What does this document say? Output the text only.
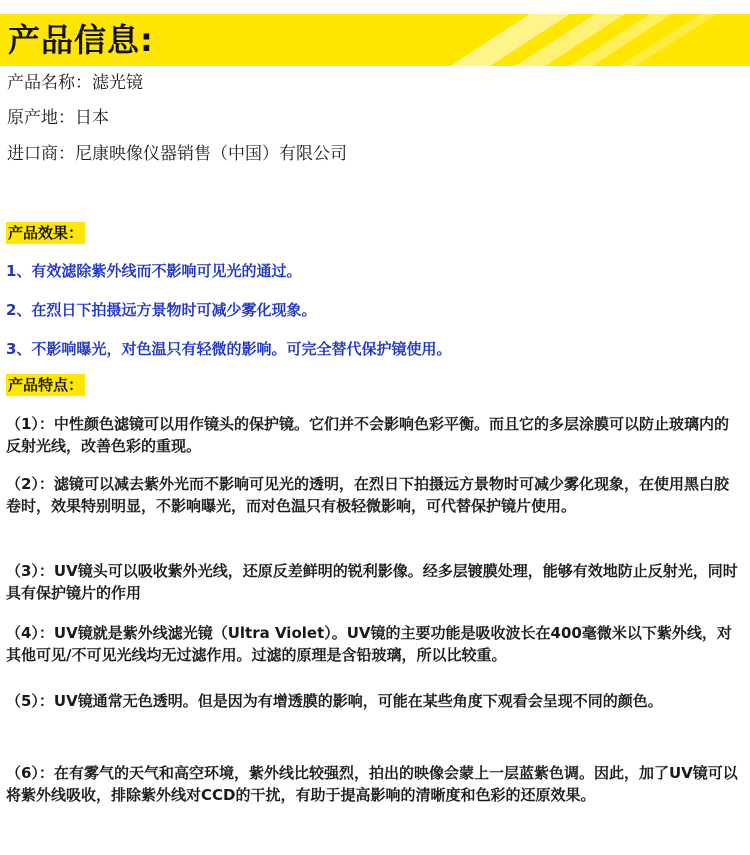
产品信息:
产品名称：滤光镜
原产地：日本
进口商：尼康映像仪器销售（中国）有限公司
产品效果：
1、有效滤除紫外线而不影响可见光的通过。
2、在烈日下拍摄远方景物时可减少雾化现象。
3、不影响曝光，对色温只有轻微的影响。可完全替代保护镜使用。
产品特点：
（1）：中性颜色滤镜可以用作镜头的保护镜。它们并不会影响色彩平衡。而且它的多层涂膜可以防止玻璃内的反射光线，改善色彩的重现。
（2）：滤镜可以减去紫外光而不影响可见光的透明，在烈日下拍摄远方景物时可减少雾化现象，在使用黑白胶卷时，效果特别明显，不影响曝光，而对色温只有极轻微影响，可代替保护镜片使用。
（3）：UV镜头可以吸收紫外光线，还原反差鲜明的锐利影像。经多层镀膜处理，能够有效地防止反射光，同时具有保护镜片的作用
（4）：UV镜就是紫外线滤光镜（Ultra Violet）。UV镜的主要功能是吸收波长在400毫微米以下紫外线，对其他可见/不可见光线均无过滤作用。过滤的原理是含铅玻璃，所以比较重。
（5）：UV镜通常无色透明。但是因为有增透膜的影响，可能在某些角度下观看会呈现不同的颜色。
（6）：在有雾气的天气和高空环境，紫外线比较强烈，拍出的映像会蒙上一层蓝紫色调。因此，加了UV镜可以将紫外线吸收，排除紫外线对CCD的干扰，有助于提高影响的清晰度和色彩的还原效果。
